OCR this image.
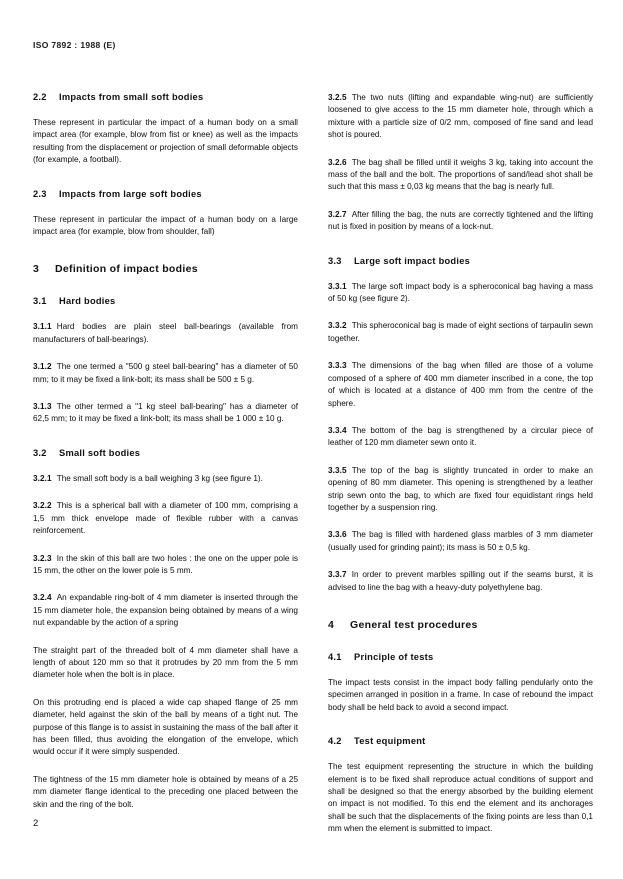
ISO 7892 : 1988 (E)
2.2	Impacts from small soft bodies

These represent in particular the impact of a human body on a small impact area (for example, blow from fist or knee) as well as the impacts resulting from the displacement or projection of small deformable objects (for example, a football).

2.3	Impacts from large soft bodies

These represent in particular the impact of a human body on a large impact area (for example, blow from shoulder, fall)

3	Definition of impact bodies
3.1	Hard bodies

3.1.1 Hard bodies are plain steel ball-bearings (available from manufacturers of ball-bearings).

3.1.2 The one termed a "500 g steel ball-bearing" has a diameter of 50 mm; to it may be fixed a link-bolt; its mass shall be 500 ± 5 g.

3.1.3 The other termed a "1 kg steel ball-bearing" has a diameter of 62,5 mm; to it may be fixed a link-bolt; its mass shall be 1 000 ± 10 g.

3.2	Small soft bodies

3.2.1 The small soft body is a ball weighing 3 kg (see figure 1).

3.2.2 This is a spherical ball with a diameter of 100 mm, comprising a 1,5 mm thick envelope made of flexible rubber with a canvas reinforcement.

3.2.3 In the skin of this ball are two holes : the one on the upper pole is 15 mm, the other on the lower pole is 5 mm.

3.2.4 An expandable ring-bolt of 4 mm diameter is inserted through the 15 mm diameter hole, the expansion being obtained by means of a wing nut expandable by the action of a spring

The straight part of the threaded bolt of 4 mm diameter shall have a length of about 120 mm so that it protrudes by 20 mm from the 5 mm diameter hole when the bolt is in place.

On this protruding end is placed a wide cap shaped flange of 25 mm diameter, held against the skin of the ball by means of a tight nut. The purpose of this flange is to assist in sustaining the mass of the ball after it has been filled, thus avoiding the elongation of the envelope, which would occur if it were simply suspended.

The tightness of the 15 mm diameter hole is obtained by means of a 25 mm diameter flange identical to the preceding one placed between the skin and the ring of the bolt.

3.2.5 The two nuts (lifting and expandable wing-nut) are sufficiently loosened to give access to the 15 mm diameter hole, through which a mixture with a particle size of 0/2 mm, composed of fine sand and lead shot is poured.

3.2.6 The bag shall be filled until it weighs 3 kg, taking into account the mass of the ball and the bolt. The proportions of sand/lead shot shall be such that this mass ± 0,03 kg means that the bag is nearly full.

3.2.7 After filling the bag, the nuts are correctly tightened and the lifting nut is fixed in position by means of a lock-nut.

3.3	Large soft impact bodies

3.3.1 The large soft impact body is a spheroconical bag having a mass of 50 kg (see figure 2).

3.3.2 This spheroconical bag is made of eight sections of tarpaulin sewn together.

3.3.3 The dimensions of the bag when filled are those of a volume composed of a sphere of 400 mm diameter inscribed in a cone, the top of which is located at a distance of 400 mm from the centre of the sphere.

3.3.4 The bottom of the bag is strengthened by a circular piece of leather of 120 mm diameter sewn onto it.

3.3.5 The top of the bag is slightly truncated in order to make an opening of 80 mm diameter. This opening is strengthened by a leather strip sewn onto the bag, to which are fixed four equidistant rings held together by a suspension ring.

3.3.6 The bag is filled with hardened glass marbles of 3 mm diameter (usually used for grinding paint); its mass is 50 ± 0,5 kg.

3.3.7 In order to prevent marbles spilling out if the seams burst, it is advised to line the bag with a heavy-duty polyethylene bag.

4	General test procedures
4.1	Principle of tests

The impact tests consist in the impact body falling pendularly onto the specimen arranged in position in a frame. In case of rebound the impact body shall be held back to avoid a second impact.

4.2	Test equipment

The test equipment representing the structure in which the building element is to be fixed shall reproduce actual conditions of support and shall be designed so that the energy absorbed by the building element on impact is not modified. To this end the element and its anchorages shall be such that the displacements of the fixing points are less than 0,1 mm when the element is submitted to impact.

2
